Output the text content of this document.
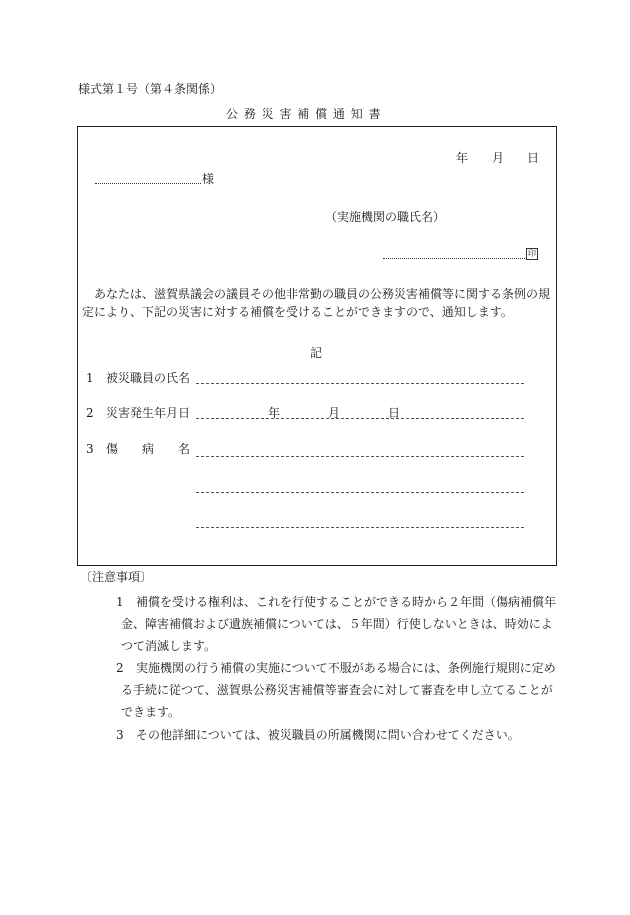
様式第１号（第４条関係）
公 務 災 害 補 償 通 知 書
年 月 日
様
（実施機関の職氏名）
印
あなたは、滋賀県議会の議員その他非常勤の職員の公務災害補償等に関する条例の規
定により、下記の災害に対する補償を受けることができますので、通知します。
記
1 被災職員の氏名
2 災害発生年月日	年	月	日
3 傷　　病　　名
〔注意事項〕
1 補償を受ける権利は、これを行使することができる時から２年間（傷病補償年
金、障害補償および遺族補償については、５年間）行使しないときは、時効によ
つて消滅します。
2 実施機関の行う補償の実施について不服がある場合には、条例施行規則に定め
る手続に従つて、滋賀県公務災害補償等審査会に対して審査を申し立てることが
できます。
3 その他詳細については、被災職員の所属機関に問い合わせてください。
